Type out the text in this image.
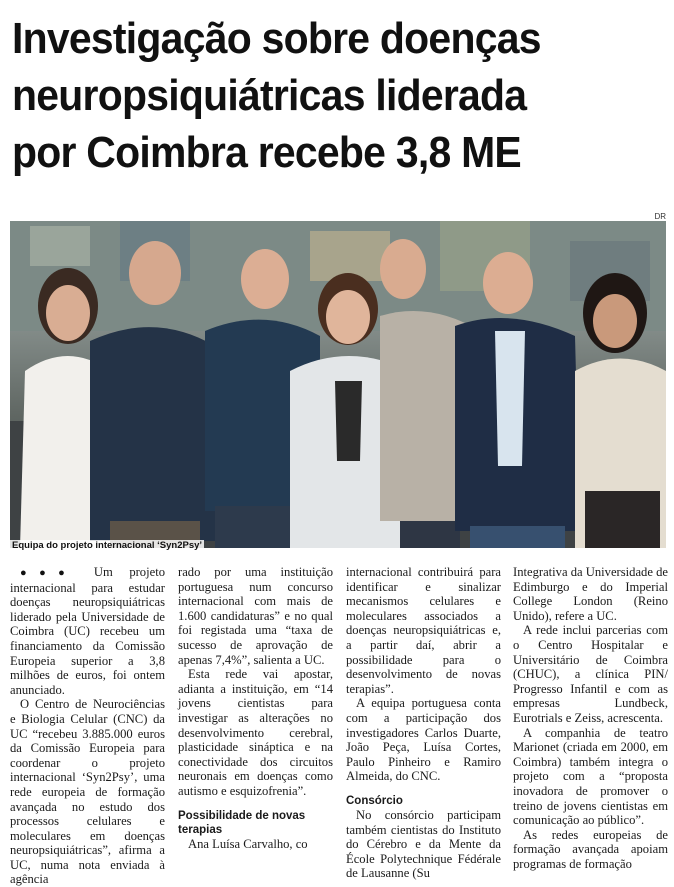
Investigação sobre doenças
neuropsiquiátricas liderada
por Coimbra recebe 3,8 ME
DR
Equipa do projeto internacional ‘Syn2Psy’

●●● Um projeto internacional para estudar doenças neuropsiquiátricas liderado pela Universidade de Coimbra (UC) recebeu um financiamento da Comissão Europeia superior a 3,8 milhões de euros, foi ontem anunciado.

O Centro de Neurociências e Biologia Celular (CNC) da UC “recebeu 3.885.000 euros da Comissão Europeia para coordenar o projeto internacional ‘Syn2Psy’, uma rede europeia de formação avançada no estudo dos processos celulares e moleculares em doenças neuropsiquiátricas”, afirma a UC, numa nota enviada à agência

rado por uma instituição portuguesa num concurso internacional com mais de 1.600 candidaturas” e no qual foi registada uma “taxa de sucesso de aprovação de apenas 7,4%”, salienta a UC.

Esta rede vai apostar, adianta a instituição, em “14 jovens cientistas para investigar as alterações no desenvolvimento cerebral, plasticidade sináptica e na conectividade dos circuitos neuronais em doenças como autismo e esquizofrenia”.

Possibilidade de novas terapias

Ana Luísa Carvalho, co

internacional contribuirá para identificar e sinalizar mecanismos celulares e moleculares associados a doenças neuropsiquiátricas e, a partir daí, abrir a possibilidade para o desenvolvimento de novas terapias”.

A equipa portuguesa conta com a participação dos investigadores Carlos Duarte, João Peça, Luísa Cortes, Paulo Pinheiro e Ramiro Almeida, do CNC.

Consórcio

No consórcio participam também cientistas do Instituto do Cérebro e da Mente da École Polytechnique Fédérale de Lausanne (Su

Integrativa da Universidade de Edimburgo e do Imperial College London (Reino Unido), refere a UC.

A rede inclui parcerias com o Centro Hospitalar e Universitário de Coimbra (CHUC), a clínica PIN/ Progresso Infantil e com as empresas Lundbeck, Eurotrials e Zeiss, acrescenta.

A companhia de teatro Marionet (criada em 2000, em Coimbra) também integra o projeto com a “proposta inovadora de promover o treino de jovens cientistas em comunicação ao público”.

As redes europeias de formação avançada apoiam programas de formação
